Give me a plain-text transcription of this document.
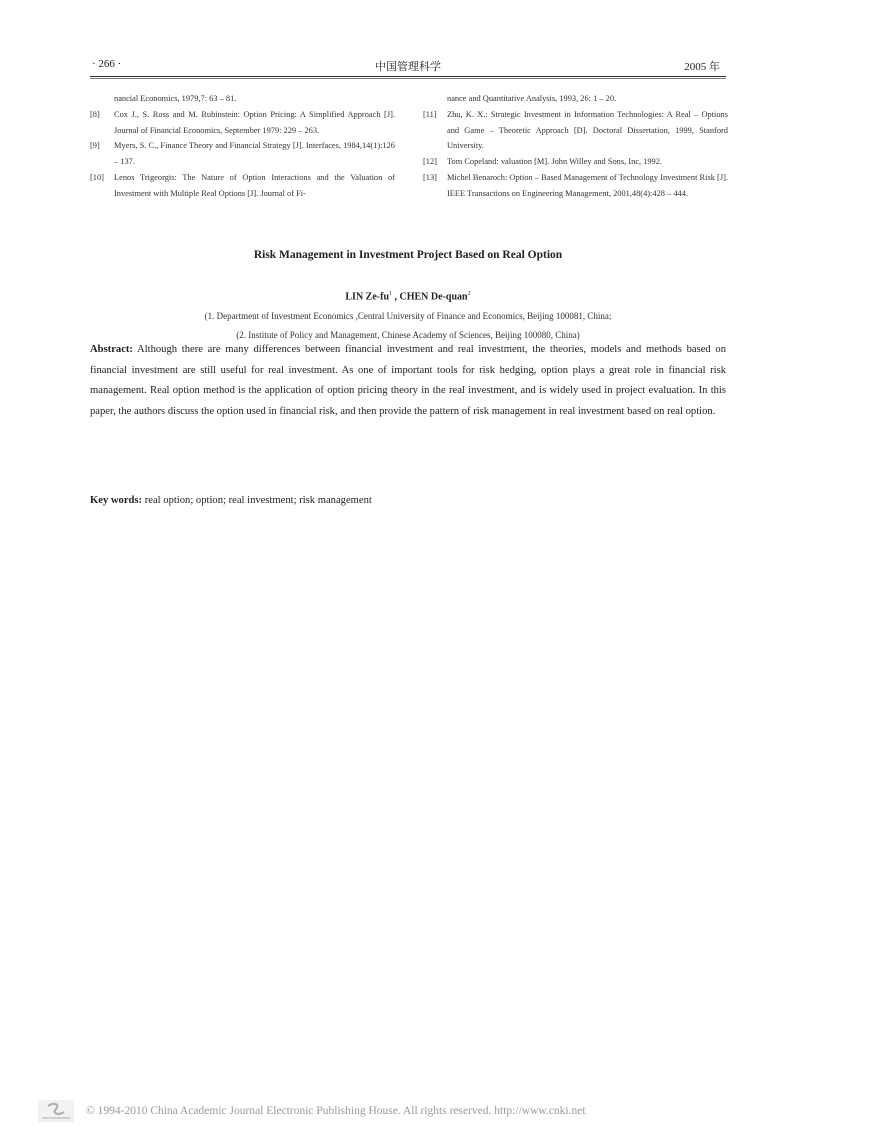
· 266 ·	中国管理科学	2005 年
nancial Economics, 1979,7: 63 – 81.
[8] Cox J., S. Ross and M. Rubinstein: Option Pricing: A Simplified Approach [J]. Journal of Financial Economics, September 1979: 229 – 263.
[9] Myers, S. C., Finance Theory and Financial Strategy [J]. Interfaces, 1984,14(1):126 – 137.
[10] Lenos Trigeorgis: The Nature of Option Interactions and the Valuation of Investment with Multiple Real Options [J]. Journal of Fi-
nance and Quantitative Analysis, 1993, 26: 1 – 20.
[11] Zhu, K. X.: Strategic Investment in Information Technologies: A Real – Options and Game – Theoretic Approach [D]. Doctoral Dissertation, 1999, Stanford University.
[12] Tom Copeland: valuation [M]. John Willey and Sons, Inc, 1992.
[13] Michel Benaroch: Option – Based Management of Technology Investment Risk [J]. IEEE Transactions on Engineering Management, 2001,48(4):428 – 444.
Risk Management in Investment Project Based on Real Option
LIN $Ze-fu^1$ , CHEN De-quan$^2$
(1. Department of Investment Economics ,Central University of Finance and Economics, Beijing 100081, China;
(2. Institute of Policy and Management, Chinese Academy of Sciences, Beijing 100080, China)
Abstract: Although there are many differences between financial investment and real investment, the theories, models and methods based on financial investment are still useful for real investment. As one of important tools for risk hedging, option plays a great role in financial risk management. Real option method is the application of option pricing theory in the real investment, and is widely used in project evaluation. In this paper, the authors discuss the option used in financial risk, and then provide the pattern of risk management in real investment based on real option.
Key words: real option; option; real investment; risk management
© 1994-2010 China Academic Journal Electronic Publishing House. All rights reserved. http://www.cnki.net
